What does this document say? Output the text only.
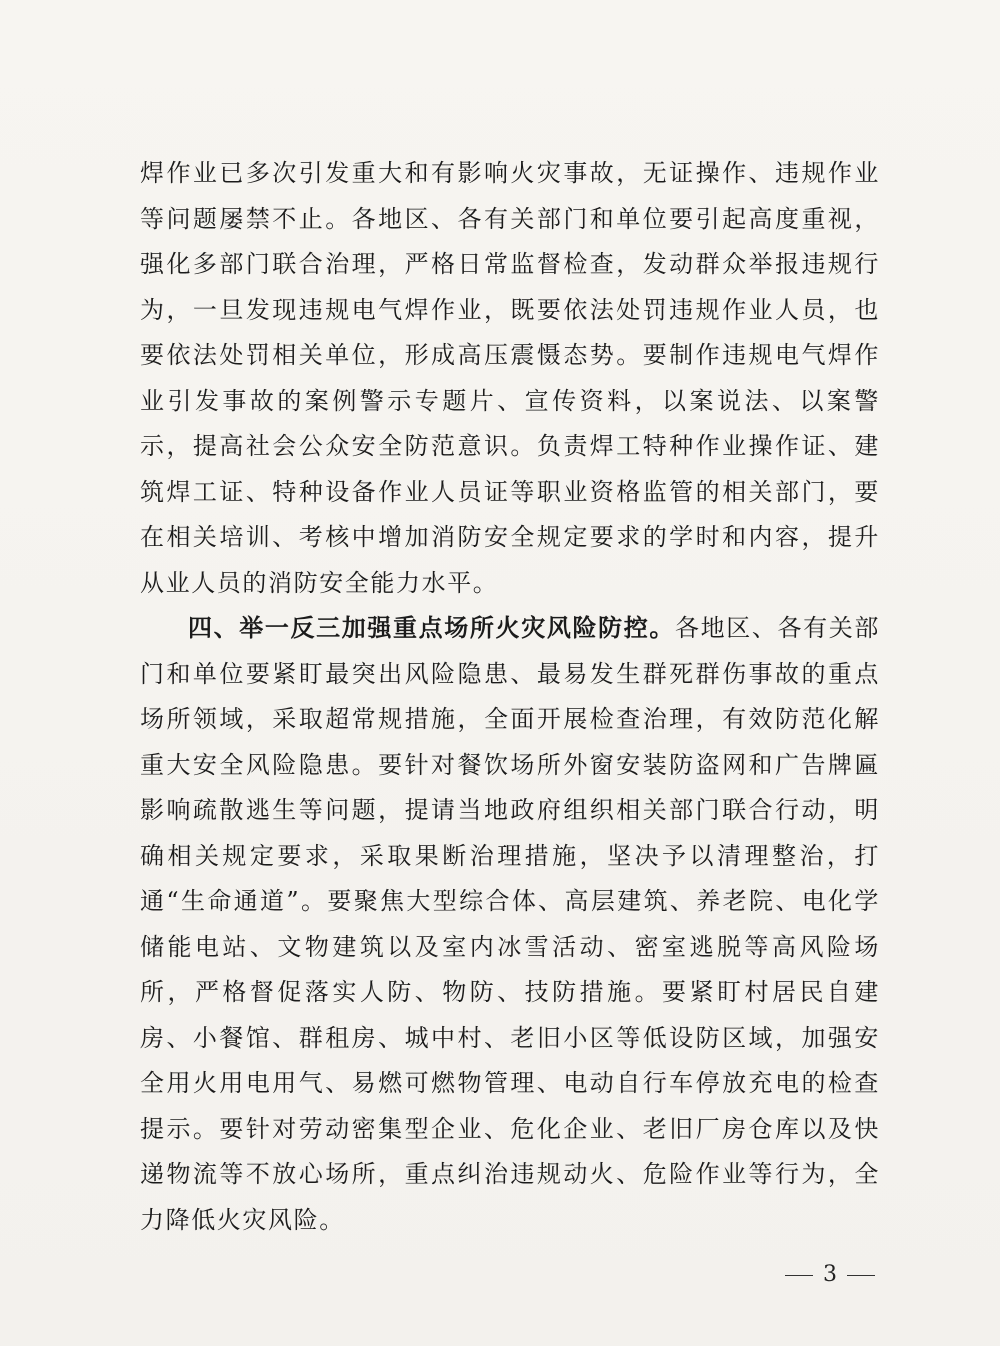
焊作业已多次引发重大和有影响火灾事故，无证操作、违规作业等问题屡禁不止。各地区、各有关部门和单位要引起高度重视，强化多部门联合治理，严格日常监督检查，发动群众举报违规行为，一旦发现违规电气焊作业，既要依法处罚违规作业人员，也要依法处罚相关单位，形成高压震慑态势。要制作违规电气焊作业引发事故的案例警示专题片、宣传资料，以案说法、以案警示，提高社会公众安全防范意识。负责焊工特种作业操作证、建筑焊工证、特种设备作业人员证等职业资格监管的相关部门，要在相关培训、考核中增加消防安全规定要求的学时和内容，提升从业人员的消防安全能力水平。

四、举一反三加强重点场所火灾风险防控。各地区、各有关部门和单位要紧盯最突出风险隐患、最易发生群死群伤事故的重点场所领域，采取超常规措施，全面开展检查治理，有效防范化解重大安全风险隐患。要针对餐饮场所外窗安装防盗网和广告牌匾影响疏散逃生等问题，提请当地政府组织相关部门联合行动，明确相关规定要求，采取果断治理措施，坚决予以清理整治，打通“生命通道”。要聚焦大型综合体、高层建筑、养老院、电化学储能电站、文物建筑以及室内冰雪活动、密室逃脱等高风险场所，严格督促落实人防、物防、技防措施。要紧盯村居民自建房、小餐馆、群租房、城中村、老旧小区等低设防区域，加强安全用火用电用气、易燃可燃物管理、电动自行车停放充电的检查提示。要针对劳动密集型企业、危化企业、老旧厂房仓库以及快递物流等不放心场所，重点纠治违规动火、危险作业等行为，全力降低火灾风险。

3
